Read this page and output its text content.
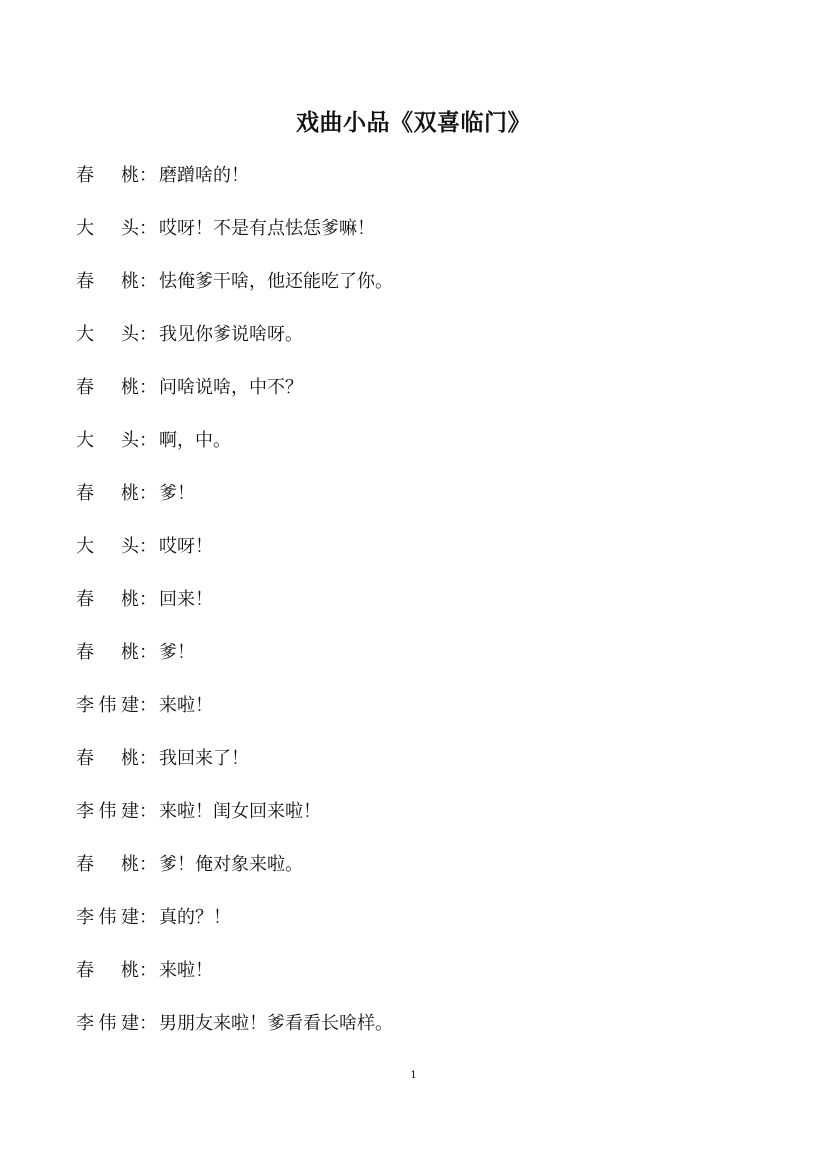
戏曲小品《双喜临门》
春桃： 磨蹭啥的！
大头： 哎呀！不是有点怯恁爹嘛！
春桃： 怯俺爹干啥，他还能吃了你。
大头： 我见你爹说啥呀。
春桃： 问啥说啥，中不？
大头： 啊，中。
春桃： 爹！
大头： 哎呀！
春桃： 回来！
春桃： 爹！
李伟建： 来啦！
春桃： 我回来了！
李伟建： 来啦！闺女回来啦！
春桃： 爹！俺对象来啦。
李伟建： 真的？！
春桃： 来啦！
李伟建： 男朋友来啦！爹看看长啥样。
1
